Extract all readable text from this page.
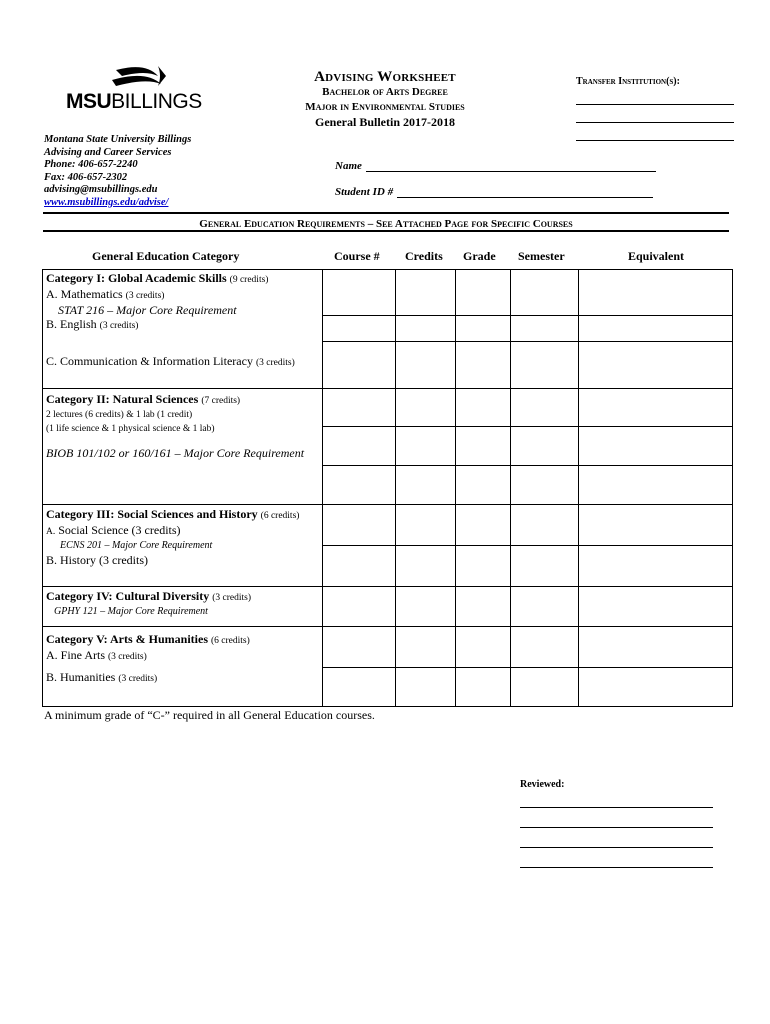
MSUBILLINGS
Advising Worksheet
Bachelor of Arts Degree
Major in Environmental Studies
General Bulletin 2017-2018
Transfer Institution(s):
Montana State University Billings
Advising and Career Services
Phone: 406-657-2240
Fax: 406-657-2302
advising@msubillings.edu
www.msubillings.edu/advise/
Name
Student ID #
General Education Requirements – See Attached Page for Specific Courses
General Education Category	Course # Credits Grade Semester	Equivalent
Category I: Global Academic Skills (9 credits)
A. Mathematics (3 credits)
STAT 216 – Major Core Requirement
B. English (3 credits)
C. Communication & Information Literacy (3 credits)
Category II: Natural Sciences (7 credits)
2 lectures (6 credits) & 1 lab (1 credit)
(1 life science & 1 physical science & 1 lab)
BIOB 101/102 or 160/161 – Major Core Requirement
Category III: Social Sciences and History (6 credits)
A. Social Science (3 credits)
ECNS 201 – Major Core Requirement
B. History (3 credits)
Category IV: Cultural Diversity (3 credits)
GPHY 121 – Major Core Requirement
Category V: Arts & Humanities (6 credits)
A. Fine Arts (3 credits)
B. Humanities (3 credits)
A minimum grade of “C-” required in all General Education courses.
Reviewed:
